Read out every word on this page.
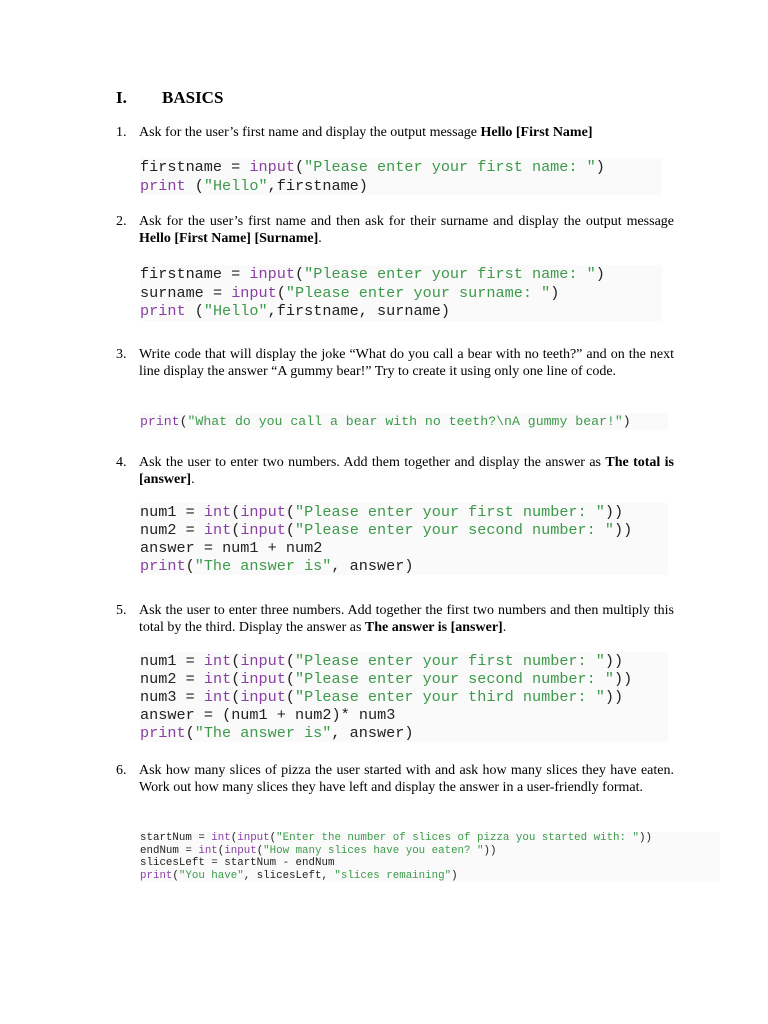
I. BASICS
1. Ask for the user’s first name and display the output message Hello [First Name]
firstname = input("Please enter your first name: ")
print ("Hello",firstname)
2. Ask for the user’s first name and then ask for their surname and display the output message Hello [First Name] [Surname].
firstname = input("Please enter your first name: ")
surname = input("Please enter your surname: ")
print ("Hello",firstname, surname)
3. Write code that will display the joke “What do you call a bear with no teeth?” and on the next line display the answer “A gummy bear!” Try to create it using only one line of code.
print("What do you call a bear with no teeth?\nA gummy bear!")
4. Ask the user to enter two numbers. Add them together and display the answer as The total is [answer].
num1 = int(input("Please enter your first number: "))
num2 = int(input("Please enter your second number: "))
answer = num1 + num2
print("The answer is", answer)
5. Ask the user to enter three numbers. Add together the first two numbers and then multiply this total by the third. Display the answer as The answer is [answer].
num1 = int(input("Please enter your first number: "))
num2 = int(input("Please enter your second number: "))
num3 = int(input("Please enter your third number: "))
answer = (num1 + num2)* num3
print("The answer is", answer)
6. Ask how many slices of pizza the user started with and ask how many slices they have eaten. Work out how many slices they have left and display the answer in a user-friendly format.
startNum = int(input("Enter the number of slices of pizza you started with: "))
endNum = int(input("How many slices have you eaten? "))
slicesLeft = startNum - endNum
print("You have", slicesLeft, "slices remaining")
